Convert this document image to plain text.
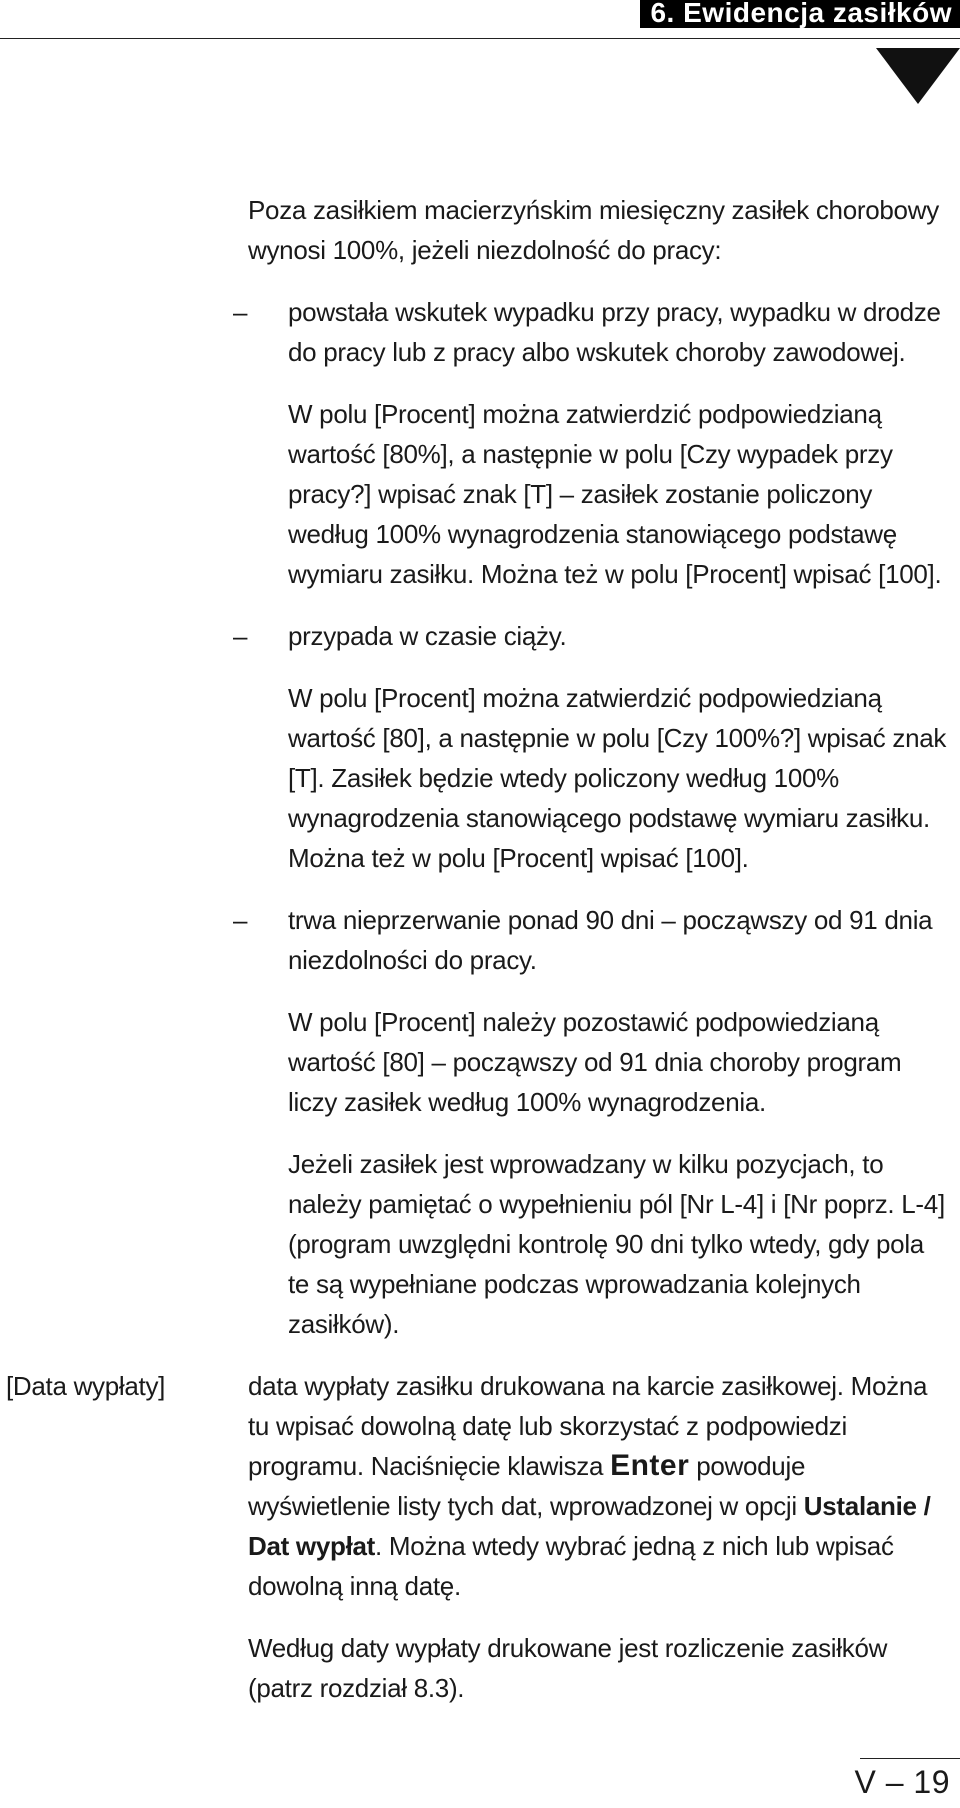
6. Ewidencja zasiłków

Poza zasiłkiem macierzyńskim miesięczny zasiłek chorobowy wynosi 100%, jeżeli niezdolność do pracy:

– powstała wskutek wypadku przy pracy, wypadku w drodze do pracy lub z pracy albo wskutek choroby zawodowej.

W polu [Procent] można zatwierdzić podpowiedzianą wartość [80%], a następnie w polu [Czy wypadek przy pracy?] wpisać znak [T] – zasiłek zostanie policzony według 100% wynagrodzenia stanowiącego podstawę wymiaru zasiłku. Można też w polu [Procent] wpisać [100].

– przypada w czasie ciąży.

W polu [Procent] można zatwierdzić podpowiedzianą wartość [80], a następnie w polu [Czy 100%?] wpisać znak [T]. Zasiłek będzie wtedy policzony według 100% wynagrodzenia stanowiącego podstawę wymiaru zasiłku. Można też w polu [Procent] wpisać [100].

– trwa nieprzerwanie ponad 90 dni – począwszy od 91 dnia niezdolności do pracy.

W polu [Procent] należy pozostawić podpowiedzianą wartość [80] – począwszy od 91 dnia choroby program liczy zasiłek według 100% wynagrodzenia.

Jeżeli zasiłek jest wprowadzany w kilku pozycjach, to należy pamiętać o wypełnieniu pól [Nr L-4] i [Nr poprz. L-4] (program uwzględni kontrolę 90 dni tylko wtedy, gdy pola te są wypełniane podczas wprowadzania kolejnych zasiłków).

data wypłaty zasiłku drukowana na karcie zasiłkowej. Można tu wpisać dowolną datę lub skorzystać z podpowiedzi programu. Naciśnięcie klawisza Enter powoduje wyświetlenie listy tych dat, wprowadzonej w opcji Ustalanie / Dat wypłat. Można wtedy wybrać jedną z nich lub wpisać dowolną inną datę.

Według daty wypłaty drukowane jest rozliczenie zasiłków (patrz rozdział 8.3).

[Data wypłaty]
V – 19
